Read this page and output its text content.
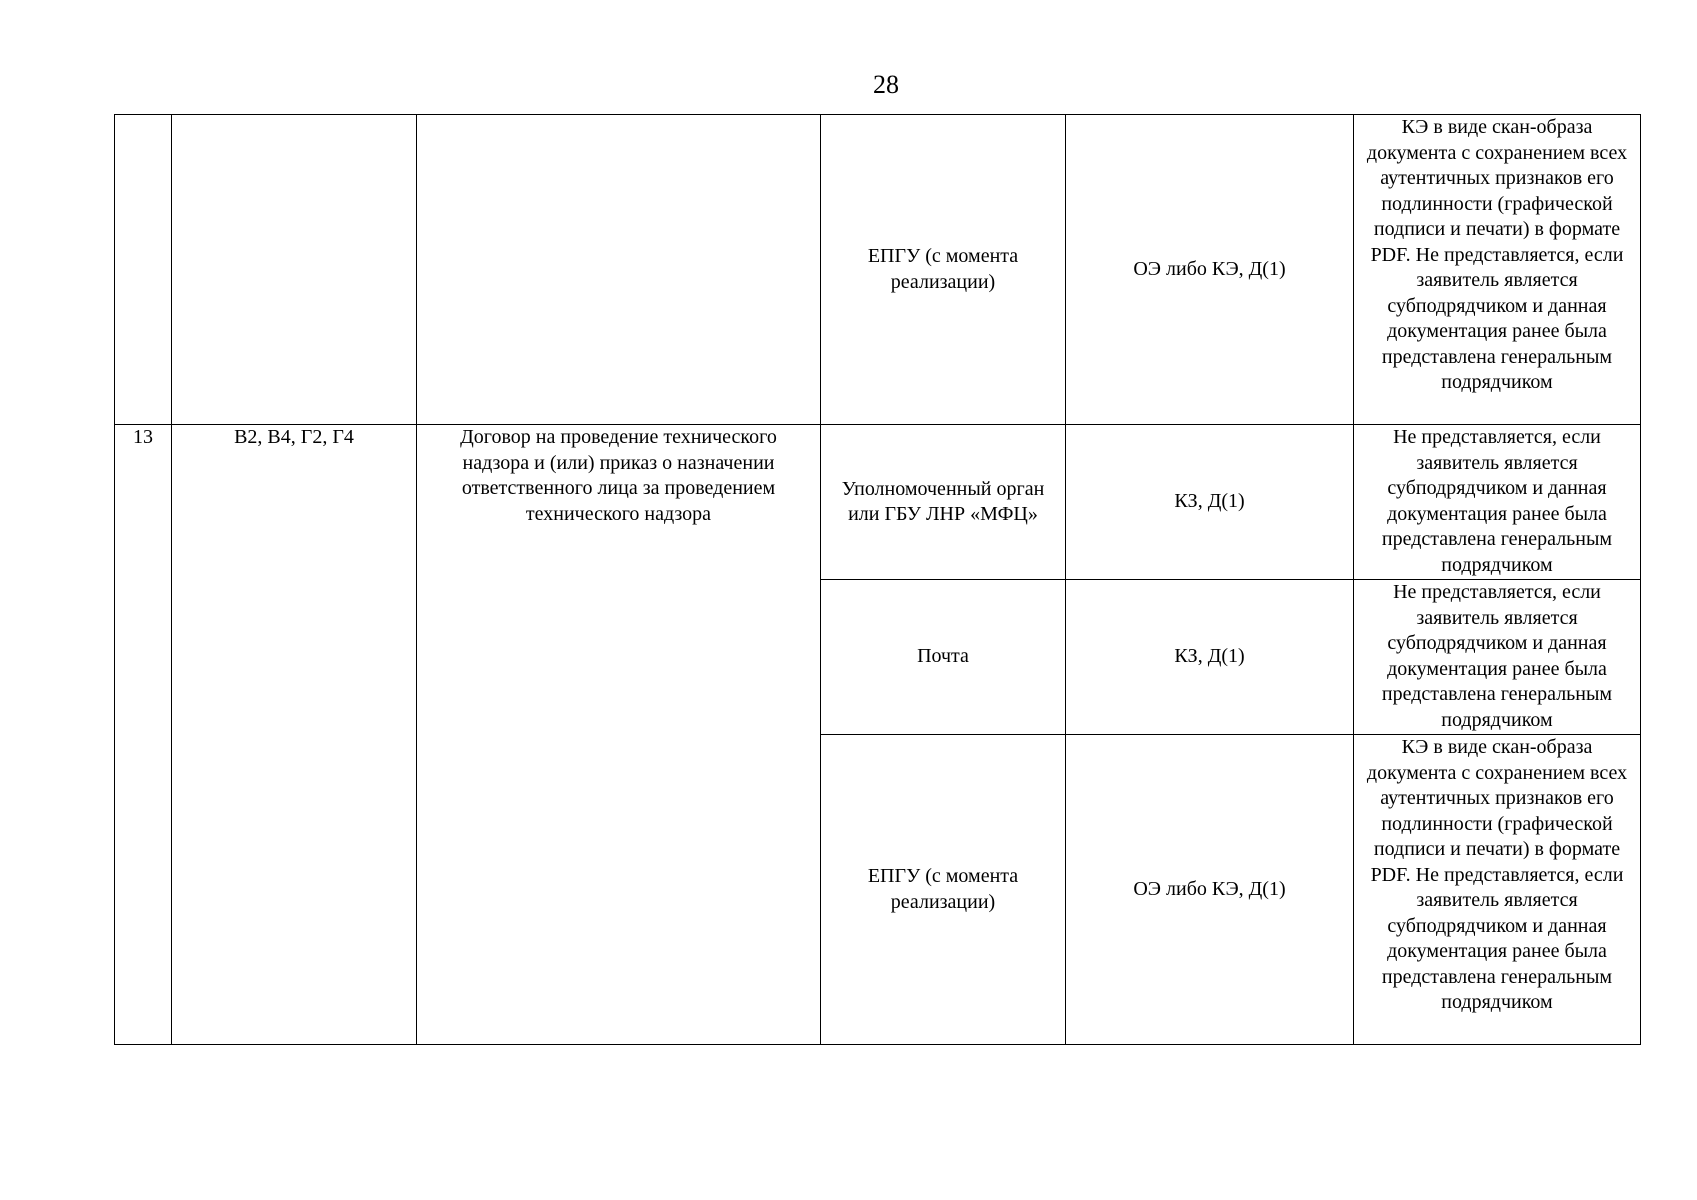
28

			ЕПГУ (с момента реализации)	ОЭ либо КЭ, Д(1)	КЭ в виде скан-образа документа с сохранением всех аутентичных признаков его подлинности (графической подписи и печати) в формате PDF. Не представляется, если заявитель является субподрядчиком и данная документация ранее была представлена генеральным подрядчиком

13	В2, В4, Г2, Г4	Договор на проведение технического надзора и (или) приказ о назначении ответственного лица за проведением технического надзора	Уполномоченный орган или ГБУ ЛНР «МФЦ»	КЗ, Д(1)	Не представляется, если заявитель является субподрядчиком и данная документация ранее была представлена генеральным подрядчиком

			Почта	КЗ, Д(1)	Не представляется, если заявитель является субподрядчиком и данная документация ранее была представлена генеральным подрядчиком

			ЕПГУ (с момента реализации)	ОЭ либо КЭ, Д(1)	КЭ в виде скан-образа документа с сохранением всех аутентичных признаков его подлинности (графической подписи и печати) в формате PDF. Не представляется, если заявитель является субподрядчиком и данная документация ранее была представлена генеральным подрядчиком
